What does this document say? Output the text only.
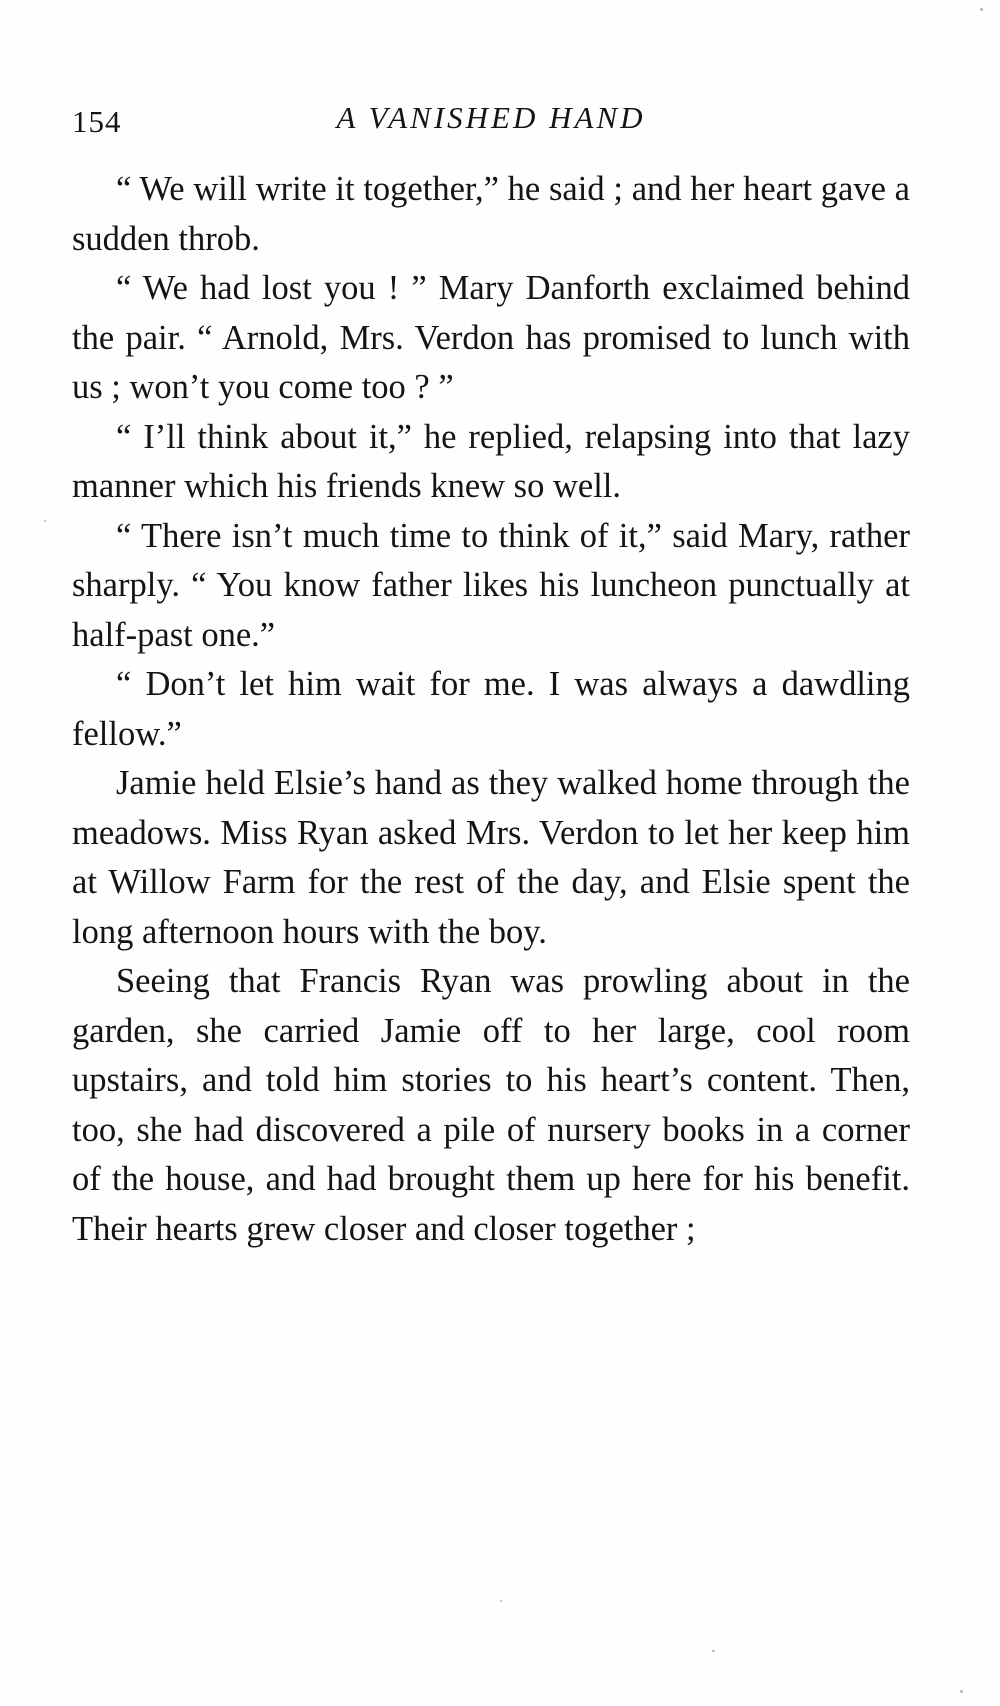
154	A VANISHED HAND

“ We will write it together,” he said ; and her heart gave a sudden throb.

“ We had lost you ! ” Mary Danforth exclaimed behind the pair. “ Arnold, Mrs. Verdon has promised to lunch with us ; won’t you come too ? ”

“ I’ll think about it,” he replied, relapsing into that lazy manner which his friends knew so well.

“ There isn’t much time to think of it,” said Mary, rather sharply. “ You know father likes his luncheon punctually at half-past one.”

“ Don’t let him wait for me. I was always a dawdling fellow.”

Jamie held Elsie’s hand as they walked home through the meadows. Miss Ryan asked Mrs. Verdon to let her keep him at Willow Farm for the rest of the day, and Elsie spent the long afternoon hours with the boy.

Seeing that Francis Ryan was prowling about in the garden, she carried Jamie off to her large, cool room upstairs, and told him stories to his heart’s content. Then, too, she had discovered a pile of nursery books in a corner of the house, and had brought them up here for his benefit. Their hearts grew closer and closer together ;
